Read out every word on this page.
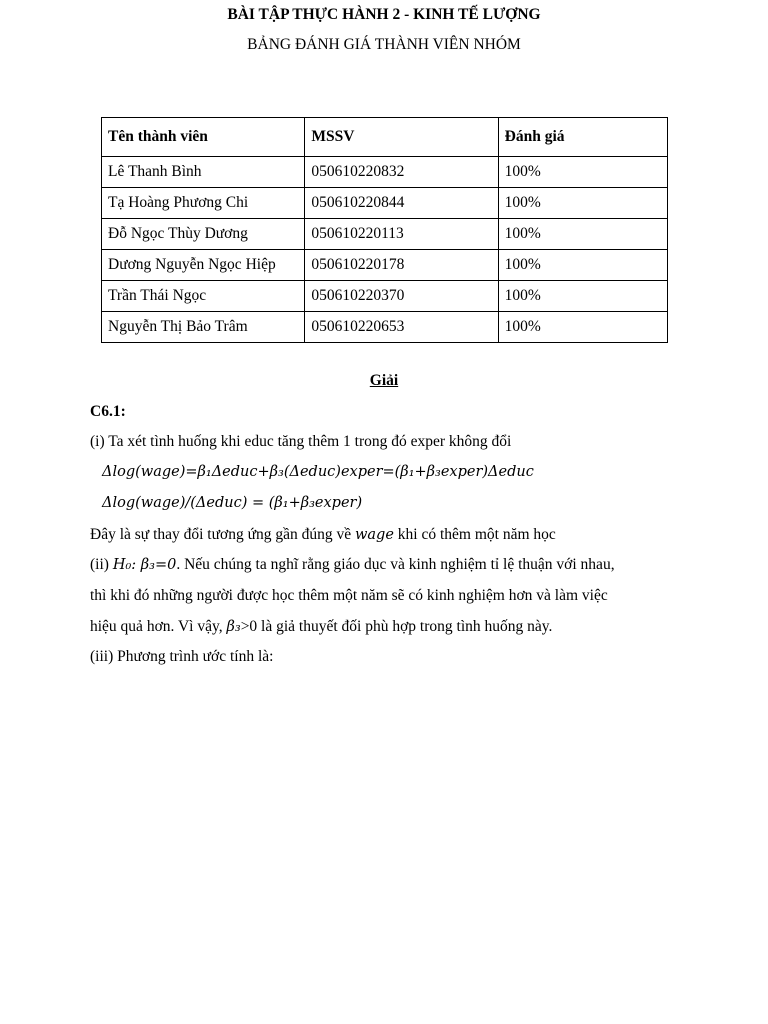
BÀI TẬP THỰC HÀNH 2 - KINH TẾ LƯỢNG
BẢNG ĐÁNH GIÁ THÀNH VIÊN NHÓM
Tên thành viên	MSSV	Đánh giá
Lê Thanh Bình	050610220832	100%
Tạ Hoàng Phương Chi	050610220844	100%
Đỗ Ngọc Thùy Dương	050610220113	100%
Dương Nguyễn Ngọc Hiệp	050610220178	100%
Trần Thái Ngọc	050610220370	100%
Nguyễn Thị Bảo Trâm	050610220653	100%
Giải
C6.1:
(i) Ta xét tình huống khi educ tăng thêm 1 trong đó exper không đổi
Δlog(wage)=β₁Δeduc+β₃(Δeduc)exper=(β₁+β₃exper)Δeduc
Δlog(wage)/(Δeduc) = (β₁+β₃exper)
Đây là sự thay đổi tương ứng gần đúng về wage khi có thêm một năm học
(ii) H₀: β₃=0. Nếu chúng ta nghĩ rằng giáo dục và kinh nghiệm tỉ lệ thuận với nhau,
thì khi đó những người được học thêm một năm sẽ có kinh nghiệm hơn và làm việc
hiệu quả hơn. Vì vậy, β₃>0 là giả thuyết đối phù hợp trong tình huống này.
(iii) Phương trình ước tính là:
